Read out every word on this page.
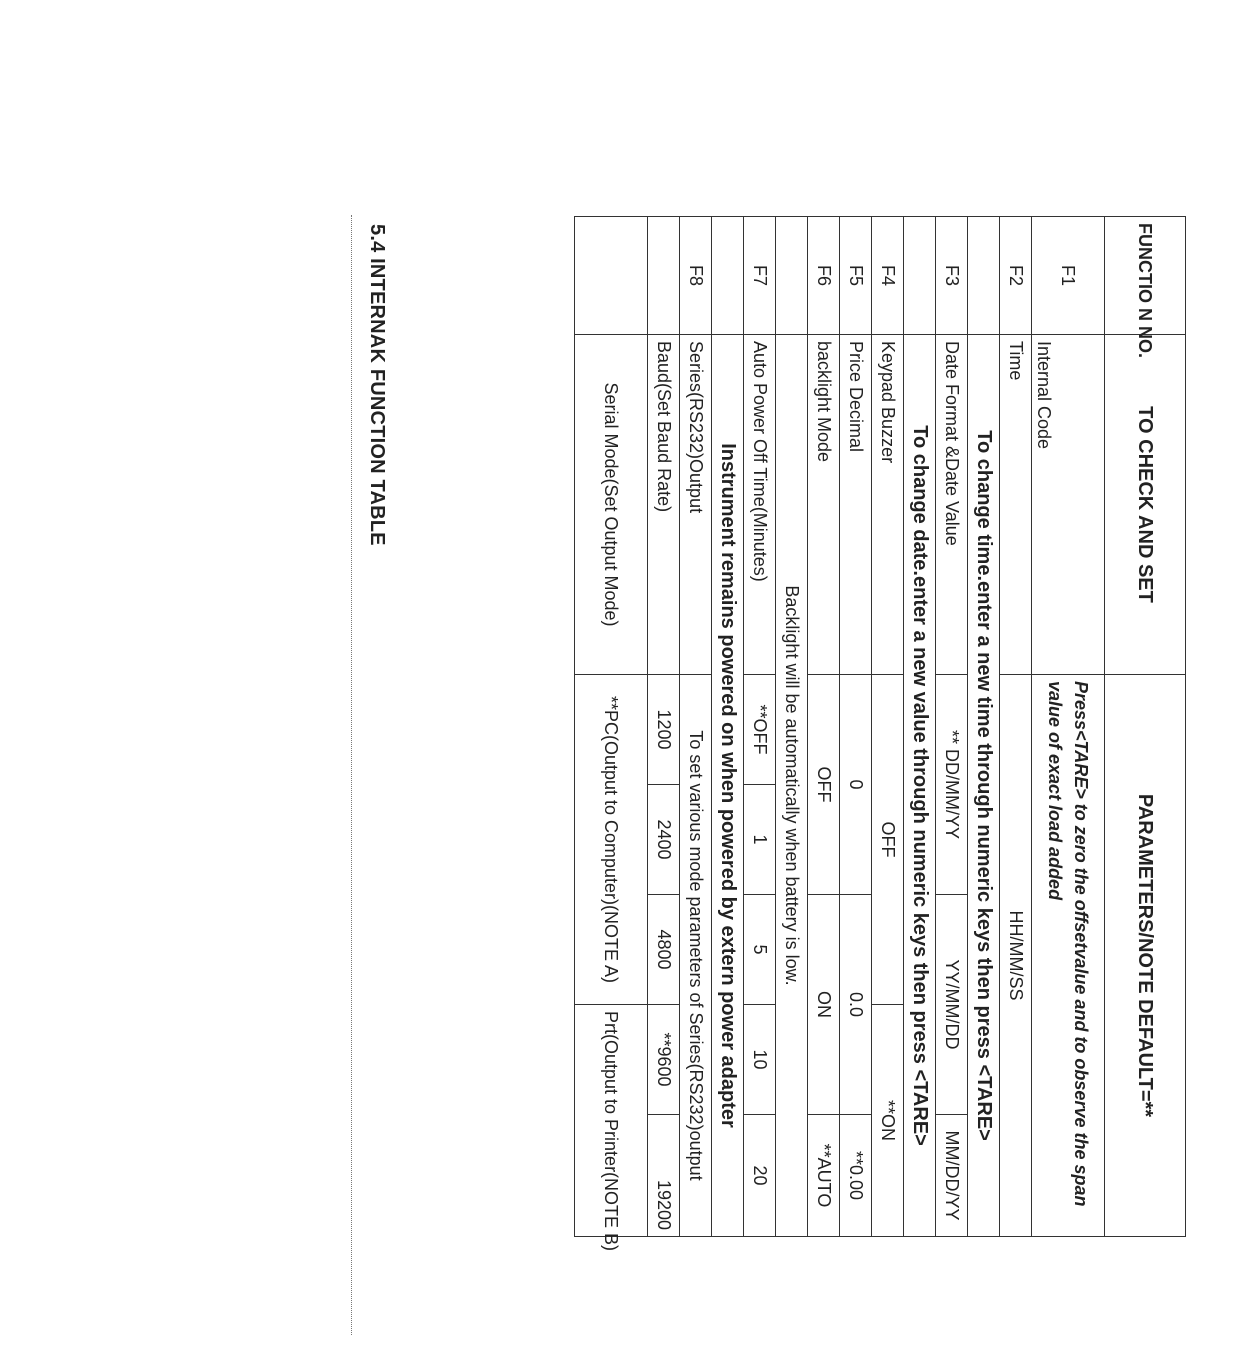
5.4 INTERNAK FUNCTION TABLE	FUNCTIO N NO.	TO CHECK AND SET	PARAMETERS/NOTE DEFAULT=**				
F1	Internal Code	Press<TARE> to zero the offsetvalue and to observe the span value of exact load added				
F2	Time	HH/MM/SS				
	To change time.enter a new time through numeric keys then press <TARE>					
F3	Date Format &Date Value	** DD/MM/YY		YY/MM/DD		MM/DD/YY
	To change date.enter a new value through numeric keys then press <TARE>					
F4	Keypad Buzzer	OFF			**ON	
F5	Price Decimal	0		0.0		**0.00
F6	backlight Mode	OFF		ON		**AUTO
	Backlight will be automatically when battery is low.					
F7	Auto Power Off Time(Minutes)	**OFF	1	5	10	20
	Instrument remains powered on when powered by extern power adapter					
F8	Series(RS232)Output	To set various mode parameters of Series(RS232)output				
	Baud(Set Baud Rate)	1200	2400	4800	**9600	19200
	Serial Mode(Set Output Mode)	**PC(Output to Computer)(NOTE A)			Prt(Output to Printer(NOTE B)	
